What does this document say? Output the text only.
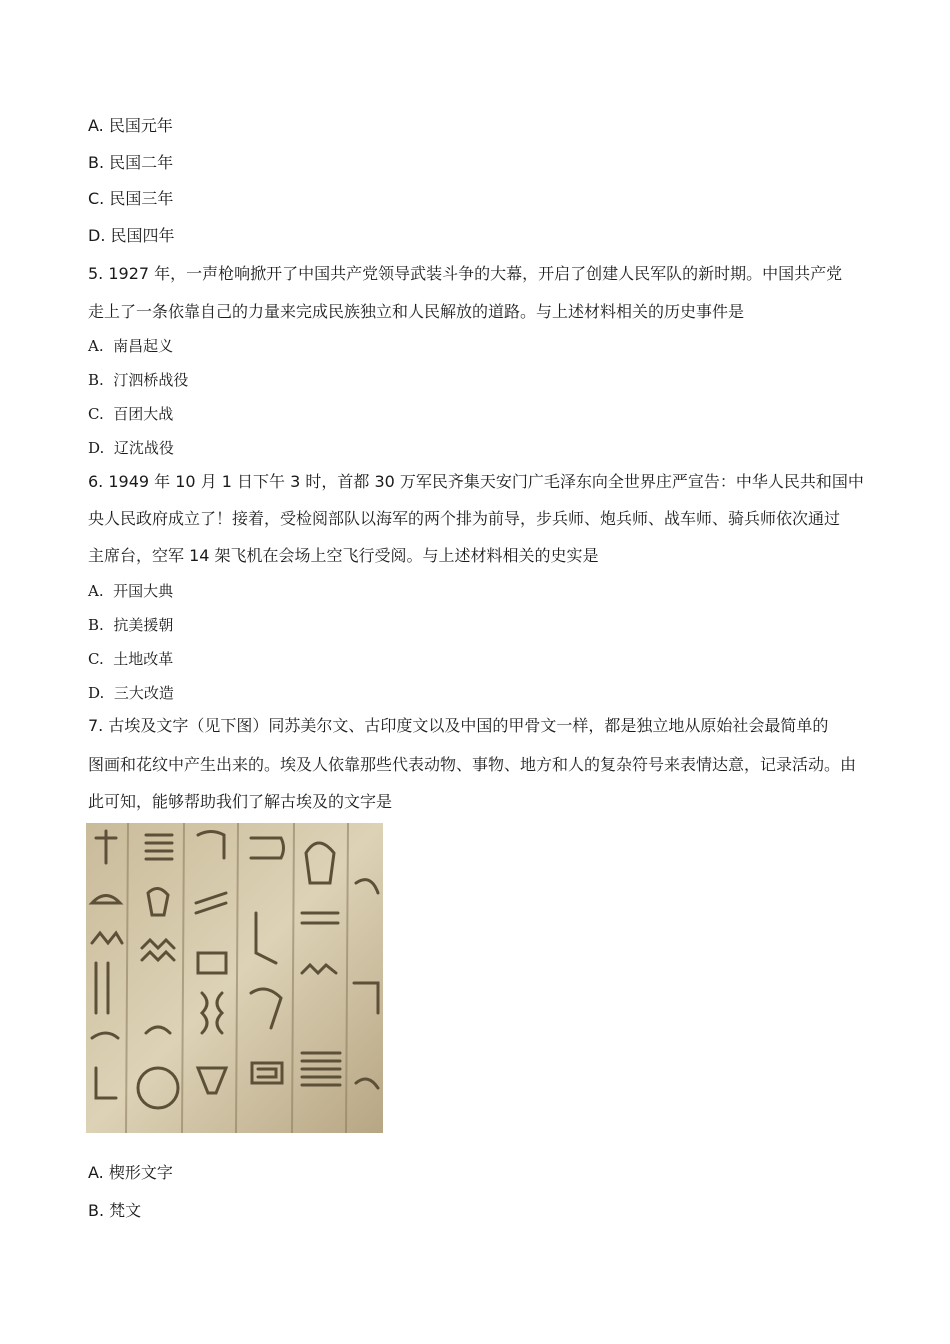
A. 民国元年
B. 民国二年
C. 民国三年
D. 民国四年
5. 1927 年，一声枪响掀开了中国共产党领导武装斗争的大幕，开启了创建人民军队的新时期。中国共产党
走上了一条依靠自己的力量来完成民族独立和人民解放的道路。与上述材料相关的历史事件是
A. 南昌起义
B. 汀泗桥战役
C. 百团大战
D. 辽沈战役
6. 1949 年 10 月 1 日下午 3 时，首都 30 万军民齐集天安门广毛泽东向全世界庄严宣告：中华人民共和国中
央人民政府成立了！接着，受检阅部队以海军的两个排为前导，步兵师、炮兵师、战车师、骑兵师依次通过
主席台，空军 14 架飞机在会场上空飞行受阅。与上述材料相关的史实是
A. 开国大典
B. 抗美援朝
C. 土地改革
D. 三大改造
7. 古埃及文字（见下图）同苏美尔文、古印度文以及中国的甲骨文一样，都是独立地从原始社会最简单的
图画和花纹中产生出来的。埃及人依靠那些代表动物、事物、地方和人的复杂符号来表情达意，记录活动。由
此可知，能够帮助我们了解古埃及的文字是
A. 楔形文字
B. 梵文
